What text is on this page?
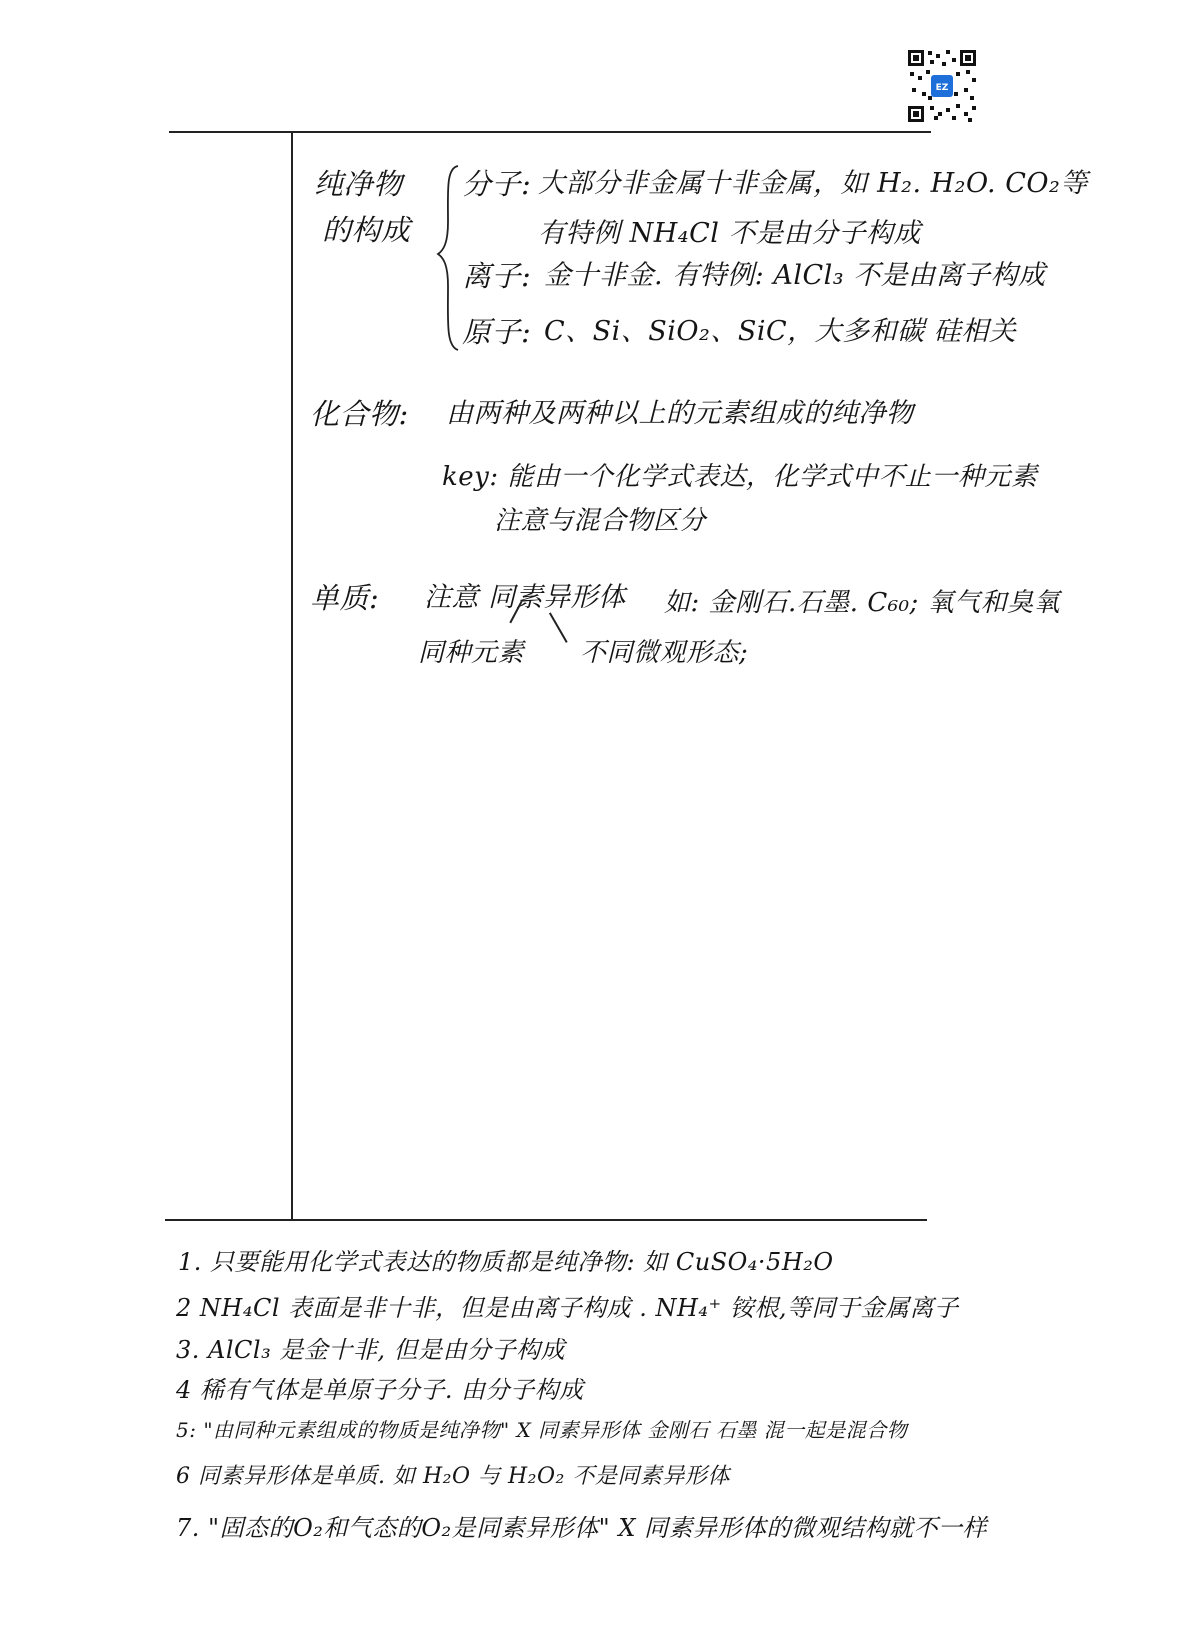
EZ
纯净物
的构成
分子: 大部分非金属十非金属，如 H₂. H₂O. CO₂等
有特例 NH₄Cl 不是由分子构成
离子: 金十非金. 有特例: AlCl₃ 不是由离子构成
原子: C、Si、SiO₂、SiC，大多和碳 硅相关
化合物: 由两种及两种以上的元素组成的纯净物
key: 能由一个化学式表达，化学式中不止一种元素
注意与混合物区分
单质: 注意 同素异形体 如: 金刚石.石墨. C₆₀; 氧气和臭氧
同种元素 不同微观形态;
1. 只要能用化学式表达的物质都是纯净物: 如 CuSO₄·5H₂O
2 NH₄Cl 表面是非十非，但是由离子构成 . NH₄⁺ 铵根,等同于金属离子
3. AlCl₃ 是金十非, 但是由分子构成
4 稀有气体是单原子分子. 由分子构成
5: "由同种元素组成的物质是纯净物" X 同素异形体 金刚石 石墨 混一起是混合物
6 同素异形体是单质. 如 H₂O 与 H₂O₂ 不是同素异形体
7. "固态的O₂和气态的O₂是同素异形体" X 同素异形体的微观结构就不一样
